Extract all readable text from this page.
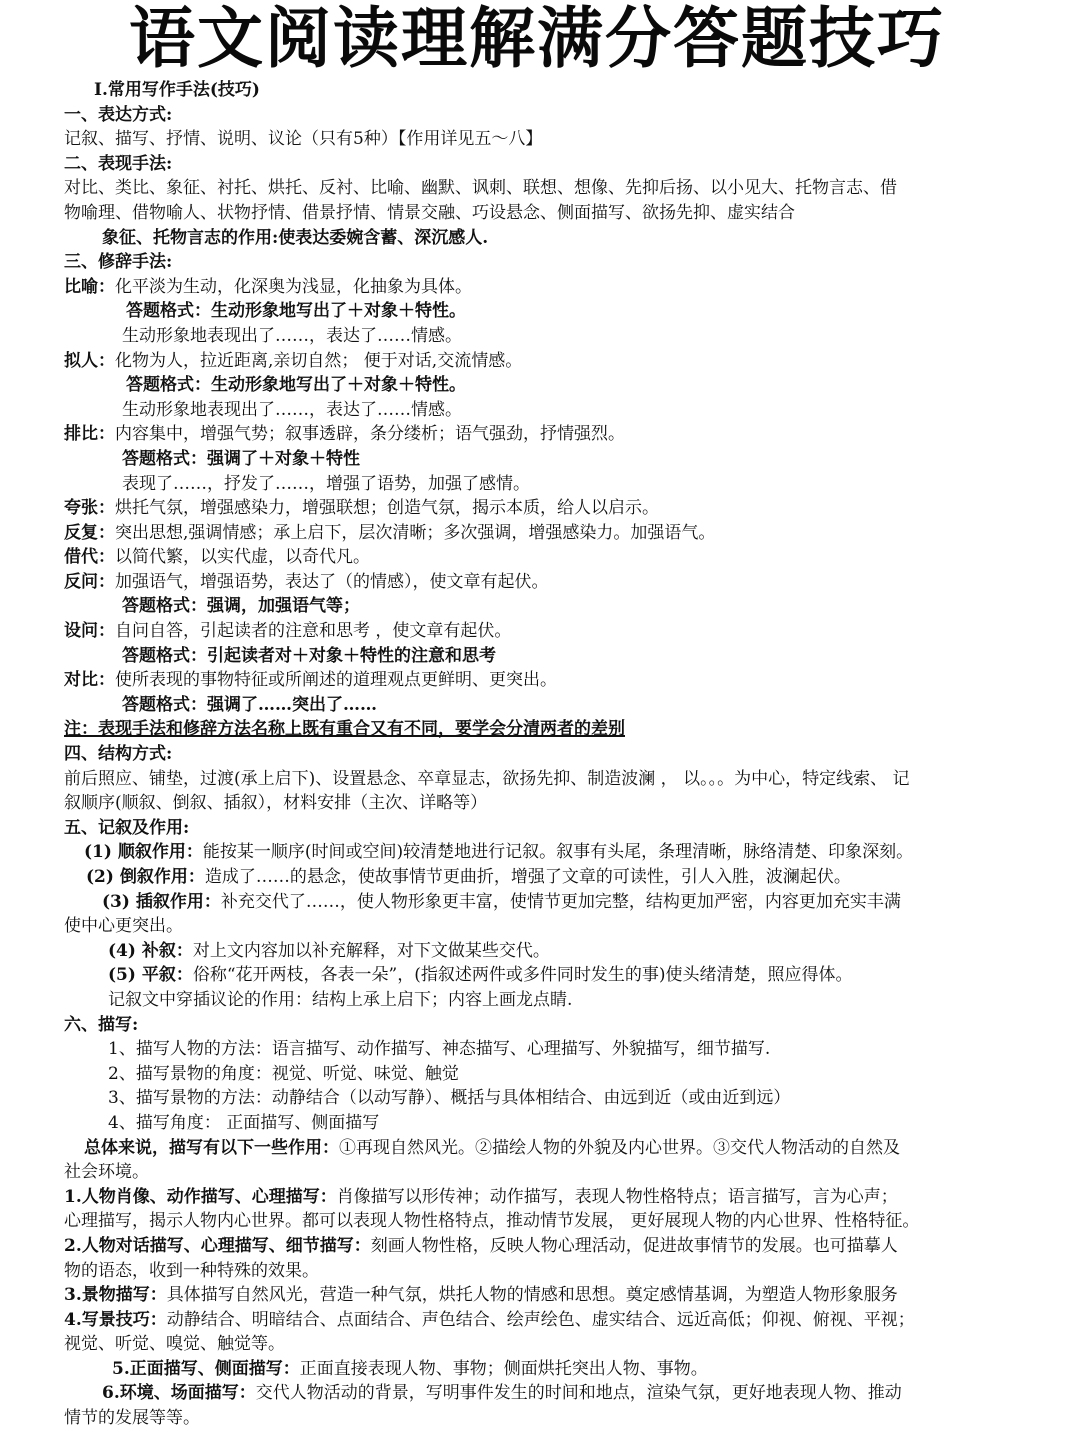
语文阅读理解满分答题技巧
Ⅰ.常用写作手法(技巧)
一、表达方式:
记叙、描写、抒情、说明、议论（只有5种）【作用详见五～八】
二、表现手法:
对比、类比、象征、衬托、烘托、反衬、比喻、幽默、讽刺、联想、想像、先抑后扬、以小见大、托物言志、借
物喻理、借物喻人、状物抒情、借景抒情、情景交融、巧设悬念、侧面描写、欲扬先抑、虚实结合
象征、托物言志的作用:使表达委婉含蓄、深沉感人.
三、修辞手法:
比喻：化平淡为生动，化深奥为浅显，化抽象为具体。
答题格式：生动形象地写出了＋对象＋特性。
生动形象地表现出了……，表达了……情感。
拟人：化物为人，拉近距离,亲切自然； 便于对话,交流情感。
答题格式：生动形象地写出了＋对象＋特性。
生动形象地表现出了……，表达了……情感。
排比：内容集中，增强气势；叙事透辟，条分缕析；语气强劲，抒情强烈。
答题格式：强调了＋对象＋特性
表现了……，抒发了……，增强了语势，加强了感情。
夸张：烘托气氛，增强感染力，增强联想；创造气氛，揭示本质，给人以启示。
反复：突出思想,强调情感；承上启下，层次清晰；多次强调，增强感染力。加强语气。
借代：以简代繁，以实代虚，以奇代凡。
反问：加强语气，增强语势，表达了（的情感），使文章有起伏。
答题格式：强调，加强语气等；
设问：自问自答，引起读者的注意和思考 ，使文章有起伏。
答题格式：引起读者对＋对象＋特性的注意和思考
对比：使所表现的事物特征或所阐述的道理观点更鲜明、更突出。
答题格式：强调了……突出了……
注：表现手法和修辞方法名称上既有重合又有不同，要学会分清两者的差别
四、结构方式:
前后照应、铺垫，过渡(承上启下)、设置悬念、卒章显志，欲扬先抑、制造波澜 ， 以。。。为中心，特定线索、 记
叙顺序(顺叙、倒叙、插叙），材料安排（主次、详略等）
五、记叙及作用:
(1) 顺叙作用：能按某一顺序(时间或空间)较清楚地进行记叙。叙事有头尾，条理清晰，脉络清楚、印象深刻。
(2) 倒叙作用：造成了……的悬念，使故事情节更曲折，增强了文章的可读性，引人入胜，波澜起伏。
(3) 插叙作用：补充交代了……，使人物形象更丰富，使情节更加完整，结构更加严密，内容更加充实丰满
使中心更突出。
(4) 补叙：对上文内容加以补充解释，对下文做某些交代。
(5) 平叙：俗称“花开两枝，各表一朵”，(指叙述两件或多件同时发生的事)使头绪清楚，照应得体。
记叙文中穿插议论的作用：结构上承上启下；内容上画龙点睛.
六、描写:
1、描写人物的方法：语言描写、动作描写、神态描写、心理描写、外貌描写，细节描写.
2、描写景物的角度：视觉、听觉、味觉、触觉
3、描写景物的方法：动静结合（以动写静）、概括与具体相结合、由远到近（或由近到远）
4、描写角度： 正面描写、侧面描写
总体来说，描写有以下一些作用：①再现自然风光。②描绘人物的外貌及内心世界。③交代人物活动的自然及
社会环境。
1.人物肖像、动作描写、心理描写：肖像描写以形传神；动作描写，表现人物性格特点；语言描写，言为心声；
心理描写，揭示人物内心世界。都可以表现人物性格特点，推动情节发展， 更好展现人物的内心世界、性格特征。
2.人物对话描写、心理描写、细节描写：刻画人物性格，反映人物心理活动，促进故事情节的发展。也可描摹人
物的语态，收到一种特殊的效果。
3.景物描写：具体描写自然风光，营造一种气氛，烘托人物的情感和思想。奠定感情基调，为塑造人物形象服务
4.写景技巧：动静结合、明暗结合、点面结合、声色结合、绘声绘色、虚实结合、远近高低；仰视、俯视、平视；
视觉、听觉、嗅觉、触觉等。
5.正面描写、侧面描写：正面直接表现人物、事物；侧面烘托突出人物、事物。
6.环境、场面描写：交代人物活动的背景，写明事件发生的时间和地点，渲染气氛，更好地表现人物、推动
情节的发展等等。
